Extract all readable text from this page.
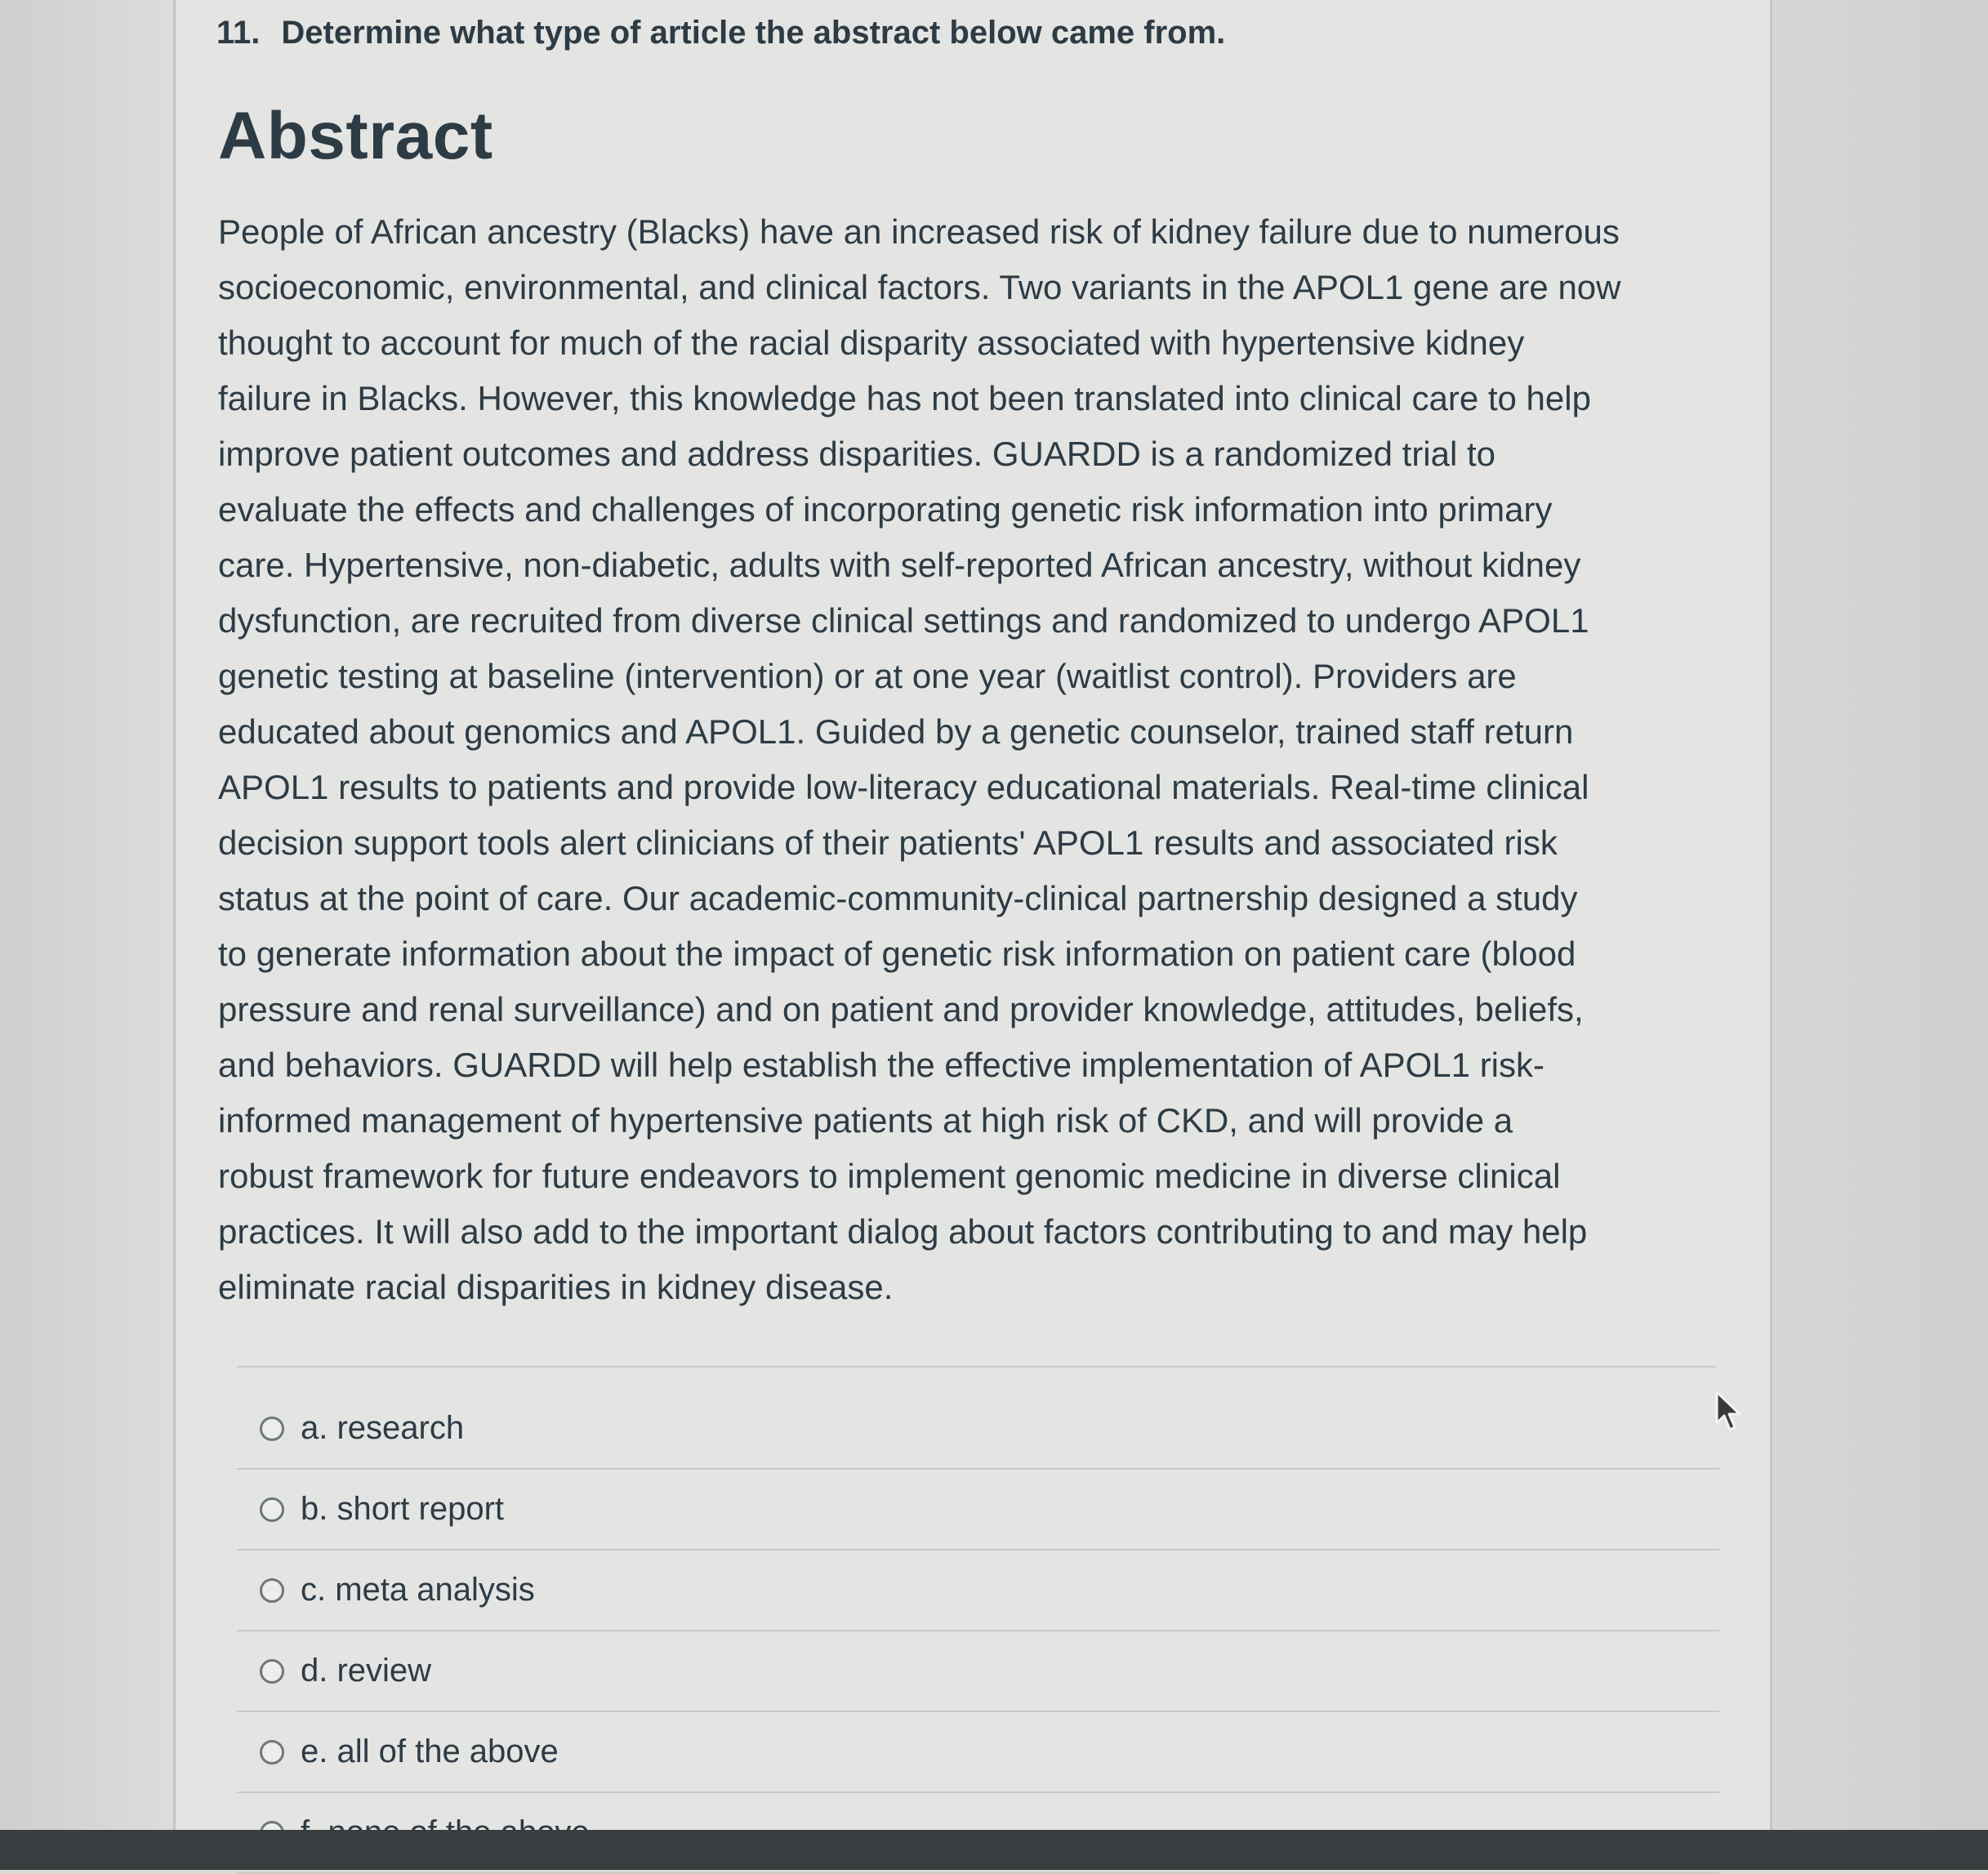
11. Determine what type of article the abstract below came from.
Abstract

People of African ancestry (Blacks) have an increased risk of kidney failure due to numerous
socioeconomic, environmental, and clinical factors. Two variants in the APOL1 gene are now
thought to account for much of the racial disparity associated with hypertensive kidney
failure in Blacks. However, this knowledge has not been translated into clinical care to help
improve patient outcomes and address disparities. GUARDD is a randomized trial to
evaluate the effects and challenges of incorporating genetic risk information into primary
care. Hypertensive, non-diabetic, adults with self-reported African ancestry, without kidney
dysfunction, are recruited from diverse clinical settings and randomized to undergo APOL1
genetic testing at baseline (intervention) or at one year (waitlist control). Providers are
educated about genomics and APOL1. Guided by a genetic counselor, trained staff return
APOL1 results to patients and provide low-literacy educational materials. Real-time clinical
decision support tools alert clinicians of their patients' APOL1 results and associated risk
status at the point of care. Our academic-community-clinical partnership designed a study
to generate information about the impact of genetic risk information on patient care (blood
pressure and renal surveillance) and on patient and provider knowledge, attitudes, beliefs,
and behaviors. GUARDD will help establish the effective implementation of APOL1 risk-
informed management of hypertensive patients at high risk of CKD, and will provide a
robust framework for future endeavors to implement genomic medicine in diverse clinical
practices. It will also add to the important dialog about factors contributing to and may help
eliminate racial disparities in kidney disease.

a. research
b. short report
c. meta analysis
d. review
e. all of the above
